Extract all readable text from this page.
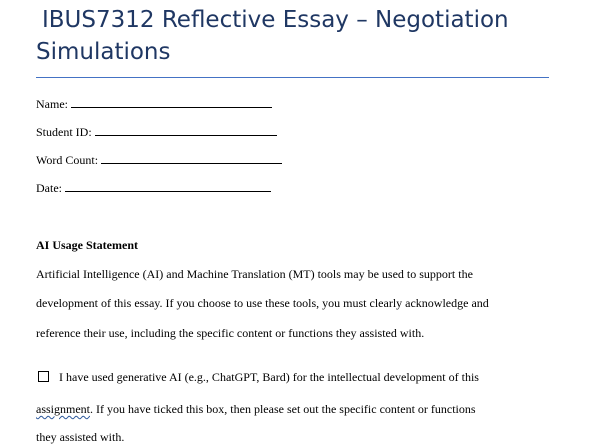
IBUS7312 Reflective Essay – Negotiation
Simulations
Name:
Student ID:
Word Count:
Date:
AI Usage Statement
Artificial Intelligence (AI) and Machine Translation (MT) tools may be used to support the
development of this essay. If you choose to use these tools, you must clearly acknowledge and
reference their use, including the specific content or functions they assisted with.
I have used generative AI (e.g., ChatGPT, Bard) for the intellectual development of this
assignment. If you have ticked this box, then please set out the specific content or functions
they assisted with.
